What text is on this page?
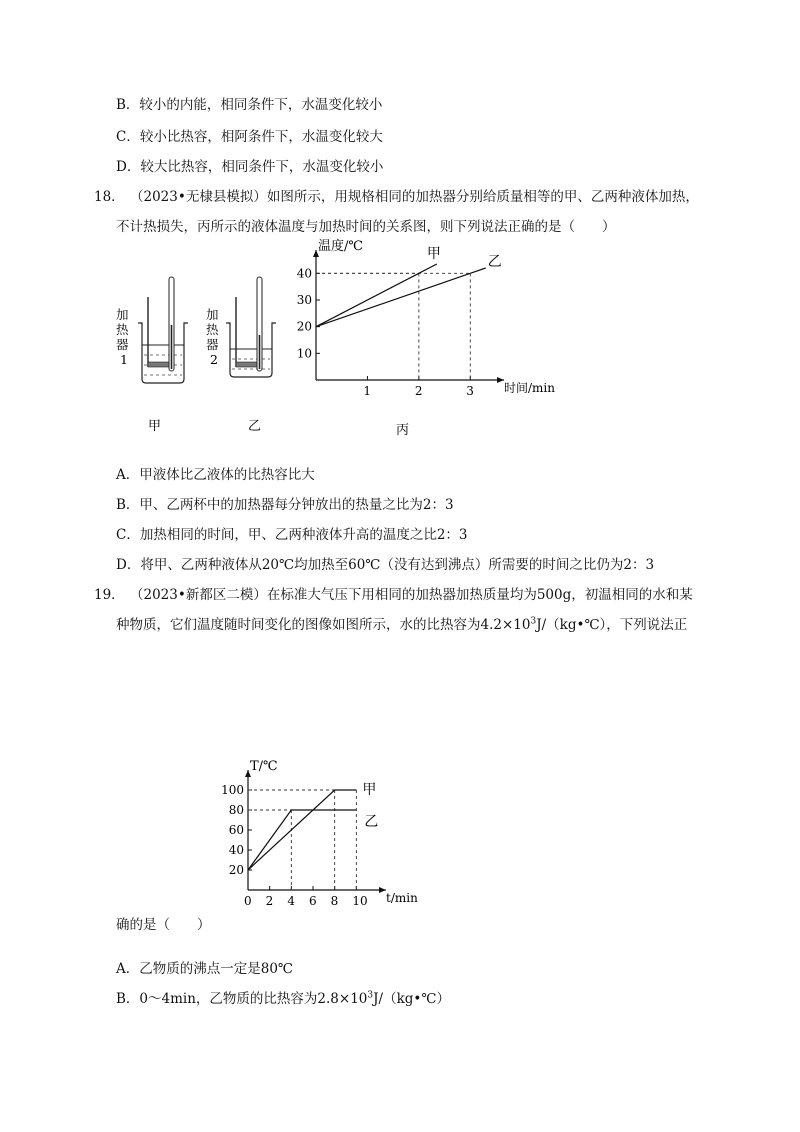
B．较小的内能，相同条件下，水温变化较小
C．较小比热容，相阿条件下，水温变化较大
D．较大比热容，相同条件下，水温变化较小
18． （2023•无棣县模拟）如图所示，用规格相同的加热器分别给质量相等的甲、乙两种液体加热，
不计热损失，丙所示的液体温度与加热时间的关系图，则下列说法正确的是（　　）
加
热
器
1
加
热
器
2
甲	乙	丙
1	2	3
10
20
30
40
温度/℃
时间/min
甲	乙
A．甲液体比乙液体的比热容比大
B．甲、乙两杯中的加热器每分钟放出的热量之比为2：3
C．加热相同的时间，甲、乙两种液体升高的温度之比2：3
D．将甲、乙两种液体从20℃均加热至60℃（没有达到沸点）所需要的时间之比仍为2：3
19． （2023•新都区二模）在标准大气压下用相同的加热器加热质量均为500g，初温相同的水和某
种物质，它们温度随时间变化的图像如图所示，水的比热容为$4.2\times 10^3J/(kg•℃)$，下列说法正
0 2 4 6 8 10
20
40
60
80
100
T/℃
t/min
甲
乙
确的是（　　）
A．乙物质的沸点一定是80℃
B．0～4min，乙物质的比热容为$2.8\times 10^3J/(kg•℃)$
